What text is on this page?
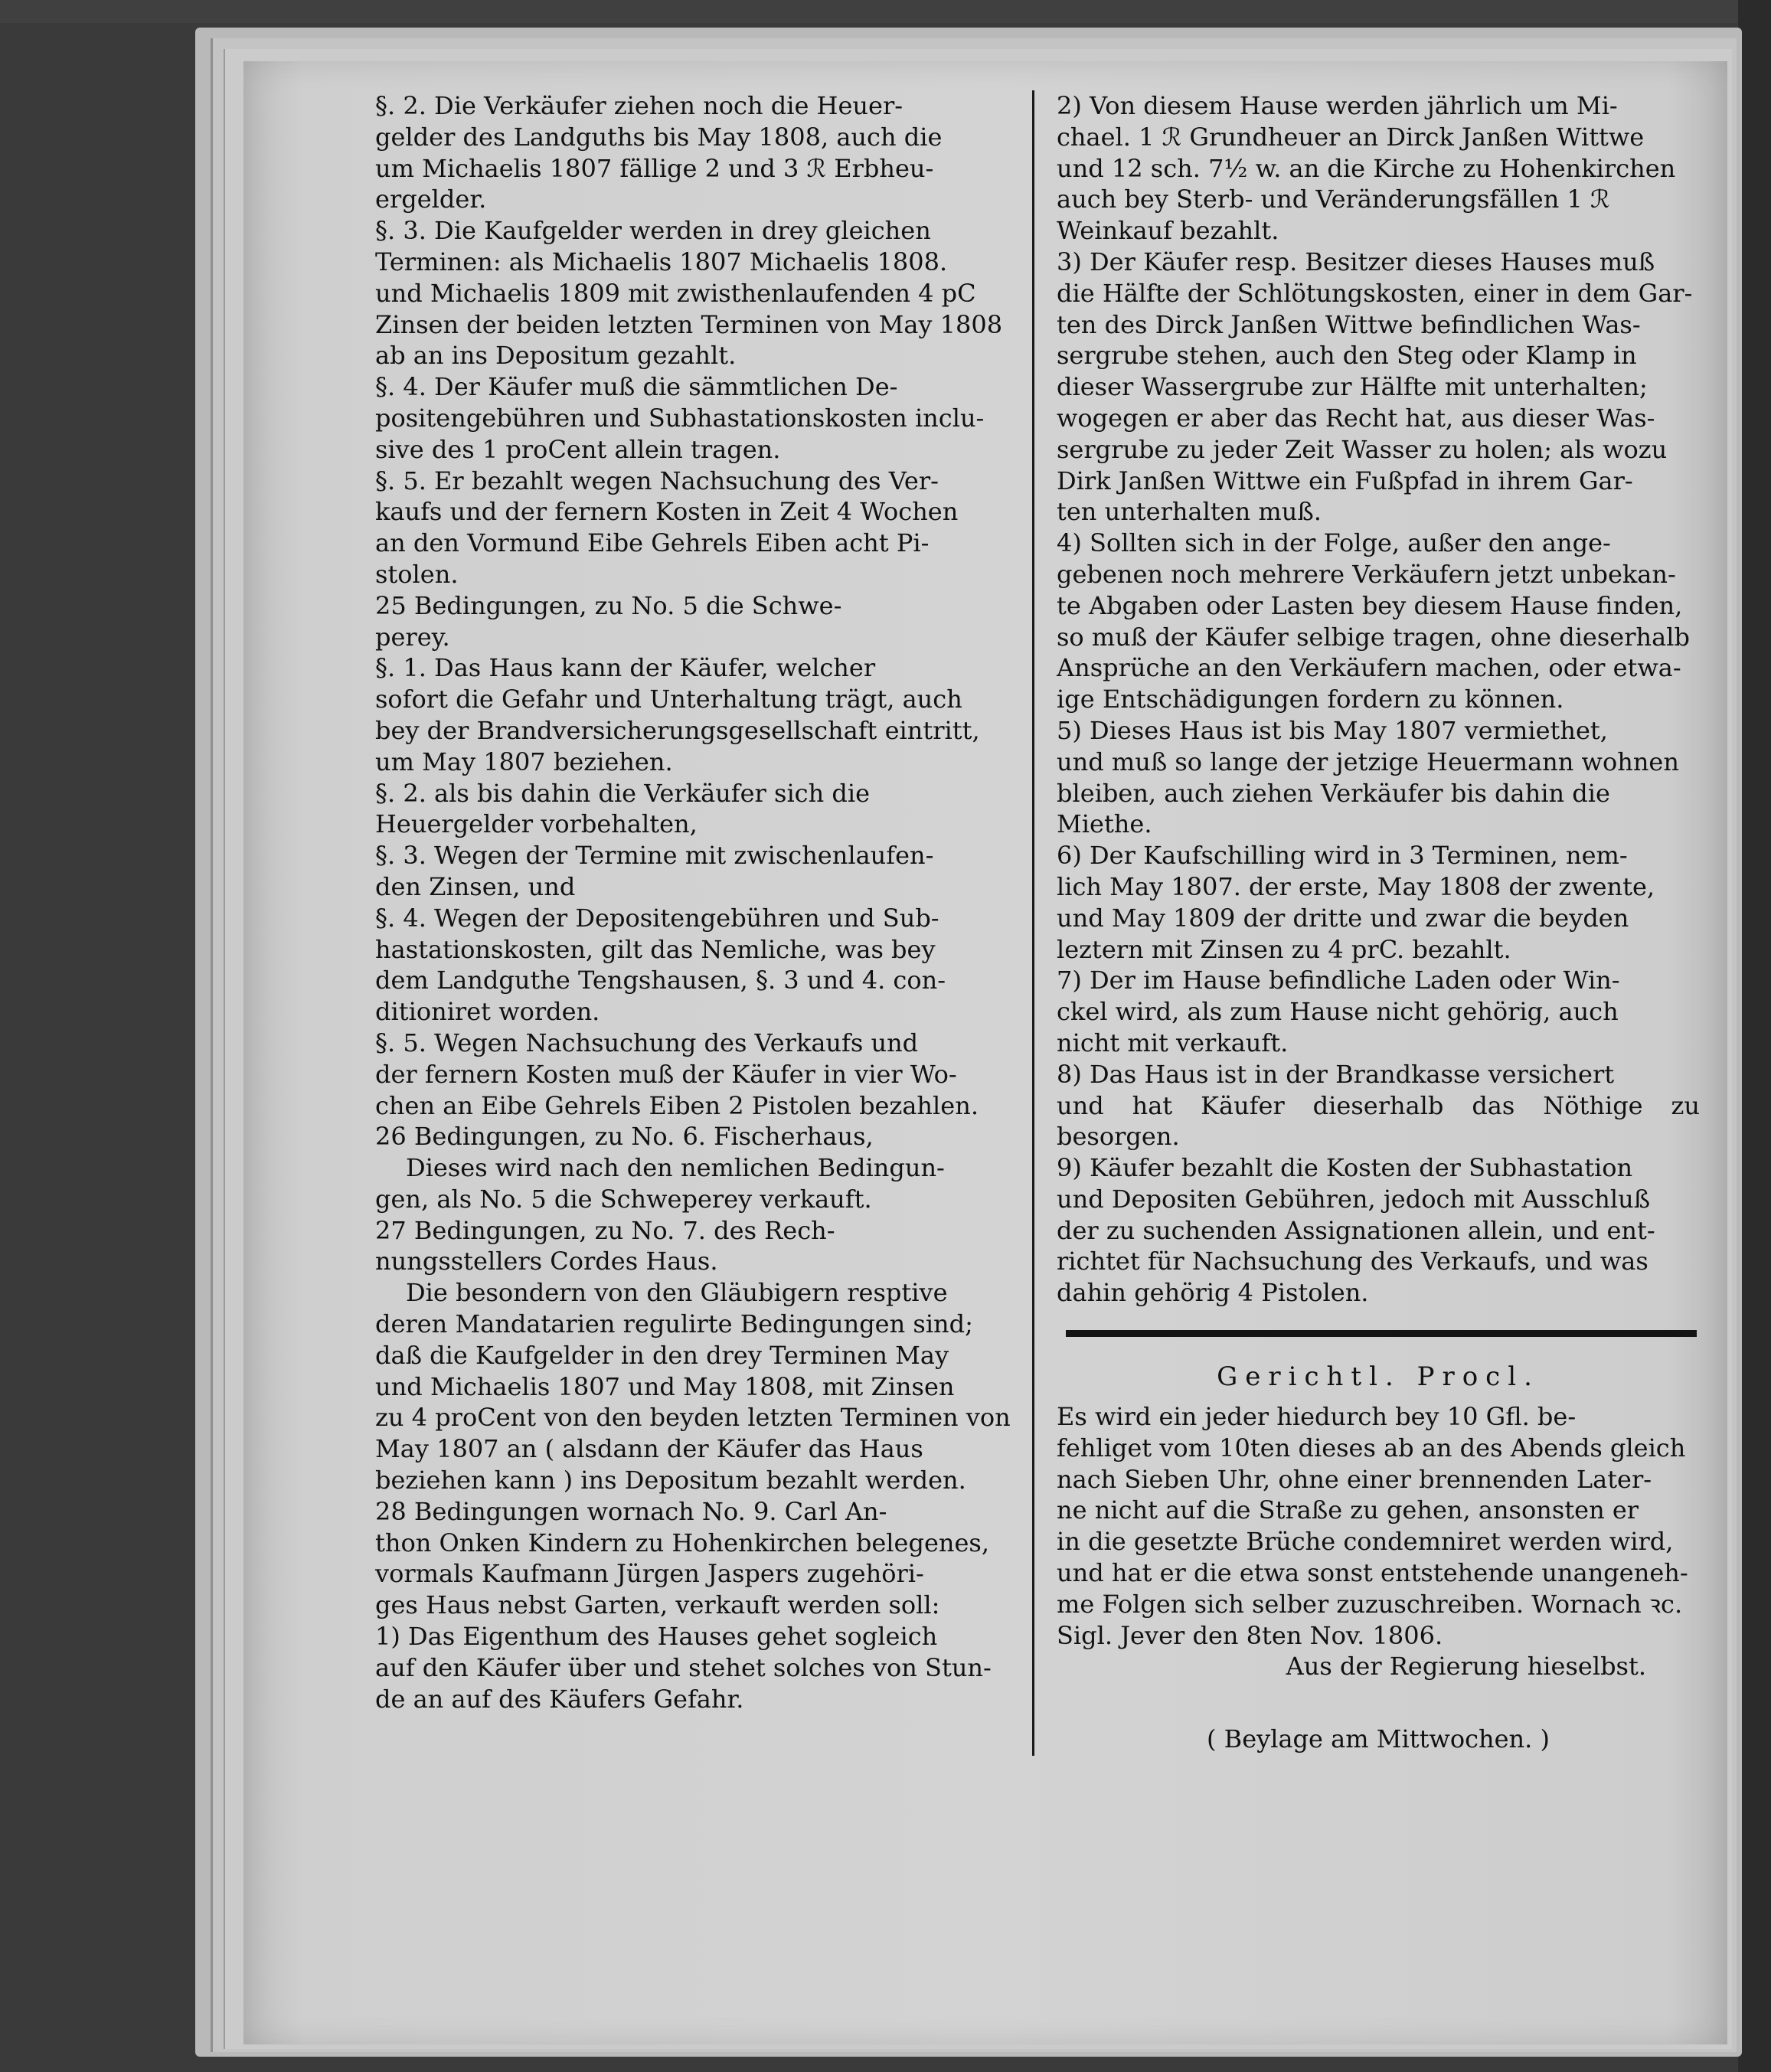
§. 2. Die Verkäufer ziehen noch die Heuer-
gelder des Landguths bis May 1808, auch die
um Michaelis 1807 fällige 2 und 3 ℛ Erbheu-
ergelder.

§. 3. Die Kaufgelder werden in drey gleichen
Terminen: als Michaelis 1807 Michaelis 1808.
und Michaelis 1809 mit zwisthenlaufenden 4 pC
Zinsen der beiden letzten Terminen von May 1808
ab an ins Depositum gezahlt.

§. 4. Der Käufer muß die sämmtlichen De-
positengebühren und Subhastationskosten inclu-
sive des 1 proCent allein tragen.

§. 5. Er bezahlt wegen Nachsuchung des Ver-
kaufs und der fernern Kosten in Zeit 4 Wochen
an den Vormund Eibe Gehrels Eiben acht Pi-
stolen.

25 Bedingungen, zu No. 5 die Schwe-
perey.

§. 1. Das Haus kann der Käufer, welcher
sofort die Gefahr und Unterhaltung trägt, auch
bey der Brandversicherungsgesellschaft eintritt,
um May 1807 beziehen.

§. 2. als bis dahin die Verkäufer sich die
Heuergelder vorbehalten,

§. 3. Wegen der Termine mit zwischenlaufen-
den Zinsen, und

§. 4. Wegen der Depositengebühren und Sub-
hastationskosten, gilt das Nemliche, was bey
dem Landguthe Tengshausen, §. 3 und 4. con-
ditioniret worden.

§. 5. Wegen Nachsuchung des Verkaufs und
der fernern Kosten muß der Käufer in vier Wo-
chen an Eibe Gehrels Eiben 2 Pistolen bezahlen.

26 Bedingungen, zu No. 6. Fischerhaus,

Dieses wird nach den nemlichen Bedingun-
gen, als No. 5 die Schweperey verkauft.

27 Bedingungen, zu No. 7. des Rech-
nungsstellers Cordes Haus.

Die besondern von den Gläubigern resptive
deren Mandatarien regulirte Bedingungen sind;
daß die Kaufgelder in den drey Terminen May
und Michaelis 1807 und May 1808, mit Zinsen
zu 4 proCent von den beyden letzten Terminen von
May 1807 an ( alsdann der Käufer das Haus
beziehen kann ) ins Depositum bezahlt werden.

28 Bedingungen wornach No. 9. Carl An-
thon Onken Kindern zu Hohenkirchen belegenes,
vormals Kaufmann Jürgen Jaspers zugehöri-
ges Haus nebst Garten, verkauft werden soll:

1) Das Eigenthum des Hauses gehet sogleich
auf den Käufer über und stehet solches von Stun-
de an auf des Käufers Gefahr.

2) Von diesem Hause werden jährlich um Mi-
chael. 1 ℛ Grundheuer an Dirck Janßen Wittwe
und 12 sch. 7½ w. an die Kirche zu Hohenkirchen
auch bey Sterb- und Veränderungsfällen 1 ℛ
Weinkauf bezahlt.

3) Der Käufer resp. Besitzer dieses Hauses muß
die Hälfte der Schlötungskosten, einer in dem Gar-
ten des Dirck Janßen Wittwe befindlichen Was-
sergrube stehen, auch den Steg oder Klamp in
dieser Wassergrube zur Hälfte mit unterhalten;
wogegen er aber das Recht hat, aus dieser Was-
sergrube zu jeder Zeit Wasser zu holen; als wozu
Dirk Janßen Wittwe ein Fußpfad in ihrem Gar-
ten unterhalten muß.

4) Sollten sich in der Folge, außer den ange-
gebenen noch mehrere Verkäufern jetzt unbekan-
te Abgaben oder Lasten bey diesem Hause finden,
so muß der Käufer selbige tragen, ohne dieserhalb
Ansprüche an den Verkäufern machen, oder etwa-
ige Entschädigungen fordern zu können.

5) Dieses Haus ist bis May 1807 vermiethet,
und muß so lange der jetzige Heuermann wohnen
bleiben, auch ziehen Verkäufer bis dahin die
Miethe.

6) Der Kaufschilling wird in 3 Terminen, nem-
lich May 1807. der erste, May 1808 der zwente,
und May 1809 der dritte und zwar die beyden
leztern mit Zinsen zu 4 prC. bezahlt.

7) Der im Hause befindliche Laden oder Win-
ckel wird, als zum Hause nicht gehörig, auch
nicht mit verkauft.

8) Das Haus ist in der Brandkasse versichert
und hat Käufer dieserhalb das Nöthige zu besorgen.

9) Käufer bezahlt die Kosten der Subhastation
und Depositen Gebühren, jedoch mit Ausschluß
der zu suchenden Assignationen allein, und ent-
richtet für Nachsuchung des Verkaufs, und was
dahin gehörig 4 Pistolen.

Gerichtl. Procl.

Es wird ein jeder hiedurch bey 10 Gfl. be-
fehliget vom 10ten dieses ab an des Abends gleich
nach Sieben Uhr, ohne einer brennenden Later-
ne nicht auf die Straße zu gehen, ansonsten er
in die gesetzte Brüche condemniret werden wird,
und hat er die etwa sonst entstehende unangeneh-
me Folgen sich selber zuzuschreiben. Wornach ꝛc.
Sigl. Jever den 8ten Nov. 1806.

Aus der Regierung hieselbst.

( Beylage am Mittwochen. )
